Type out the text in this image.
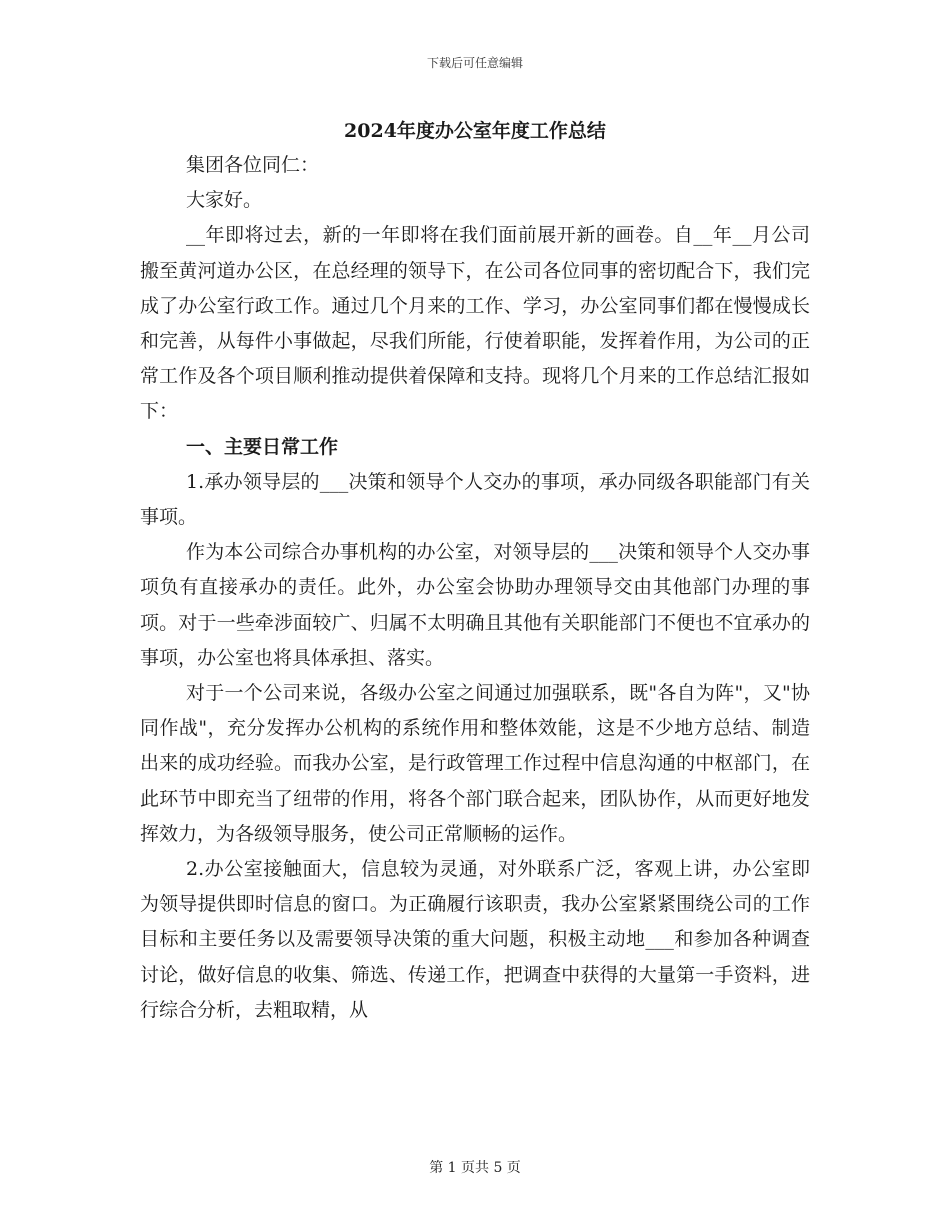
下载后可任意编辑
2024年度办公室年度工作总结

集团各位同仁：

大家好。

__年即将过去，新的一年即将在我们面前展开新的画卷。自__年__月公司搬至黄河道办公区，在总经理的领导下，在公司各位同事的密切配合下，我们完成了办公室行政工作。通过几个月来的工作、学习，办公室同事们都在慢慢成长和完善，从每件小事做起，尽我们所能，行使着职能，发挥着作用，为公司的正常工作及各个项目顺利推动提供着保障和支持。现将几个月来的工作总结汇报如下：

一、主要日常工作

1.承办领导层的___决策和领导个人交办的事项，承办同级各职能部门有关事项。

作为本公司综合办事机构的办公室，对领导层的___决策和领导个人交办事项负有直接承办的责任。此外，办公室会协助办理领导交由其他部门办理的事项。对于一些牵涉面较广、归属不太明确且其他有关职能部门不便也不宜承办的事项，办公室也将具体承担、落实。

对于一个公司来说，各级办公室之间通过加强联系，既"各自为阵"，又"协同作战"，充分发挥办公机构的系统作用和整体效能，这是不少地方总结、制造出来的成功经验。而我办公室，是行政管理工作过程中信息沟通的中枢部门，在此环节中即充当了纽带的作用，将各个部门联合起来，团队协作，从而更好地发挥效力，为各级领导服务，使公司正常顺畅的运作。

2.办公室接触面大，信息较为灵通，对外联系广泛，客观上讲，办公室即为领导提供即时信息的窗口。为正确履行该职责，我办公室紧紧围绕公司的工作目标和主要任务以及需要领导决策的重大问题，积极主动地___和参加各种调查讨论，做好信息的收集、筛选、传递工作，把调查中获得的大量第一手资料，进行综合分析，去粗取精，从

第 1 页共 5 页
